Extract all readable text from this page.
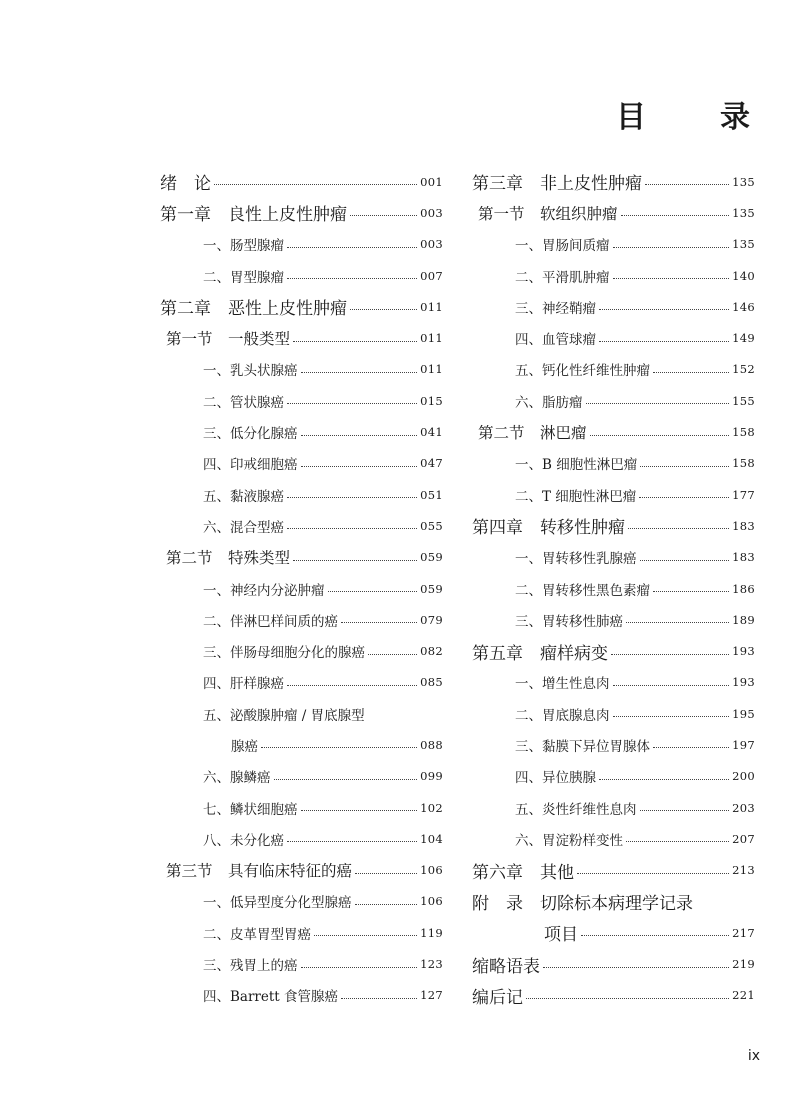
目　录
绪　论	001
第一章　良性上皮性肿瘤	003
一、肠型腺瘤	003
二、胃型腺瘤	007
第二章　恶性上皮性肿瘤	011
第一节　一般类型	011
一、乳头状腺癌	011
二、管状腺癌	015
三、低分化腺癌	041
四、印戒细胞癌	047
五、黏液腺癌	051
六、混合型癌	055
第二节　特殊类型	059
一、神经内分泌肿瘤	059
二、伴淋巴样间质的癌	079
三、伴肠母细胞分化的腺癌	082
四、肝样腺癌	085
五、泌酸腺肿瘤 / 胃底腺型
腺癌	088
六、腺鳞癌	099
七、鳞状细胞癌	102
八、未分化癌	104
第三节　具有临床特征的癌	106
一、低异型度分化型腺癌	106
二、皮革胃型胃癌	119
三、残胃上的癌	123
四、Barrett 食管腺癌	127
第三章　非上皮性肿瘤	135
第一节　软组织肿瘤	135
一、胃肠间质瘤	135
二、平滑肌肿瘤	140
三、神经鞘瘤	146
四、血管球瘤	149
五、钙化性纤维性肿瘤	152
六、脂肪瘤	155
第二节　淋巴瘤	158
一、B 细胞性淋巴瘤	158
二、T 细胞性淋巴瘤	177
第四章　转移性肿瘤	183
一、胃转移性乳腺癌	183
二、胃转移性黑色素瘤	186
三、胃转移性肺癌	189
第五章　瘤样病变	193
一、增生性息肉	193
二、胃底腺息肉	195
三、黏膜下异位胃腺体	197
四、异位胰腺	200
五、炎性纤维性息肉	203
六、胃淀粉样变性	207
第六章　其他	213
附　录　切除标本病理学记录
项目	217
缩略语表	219
编后记	221
ix
